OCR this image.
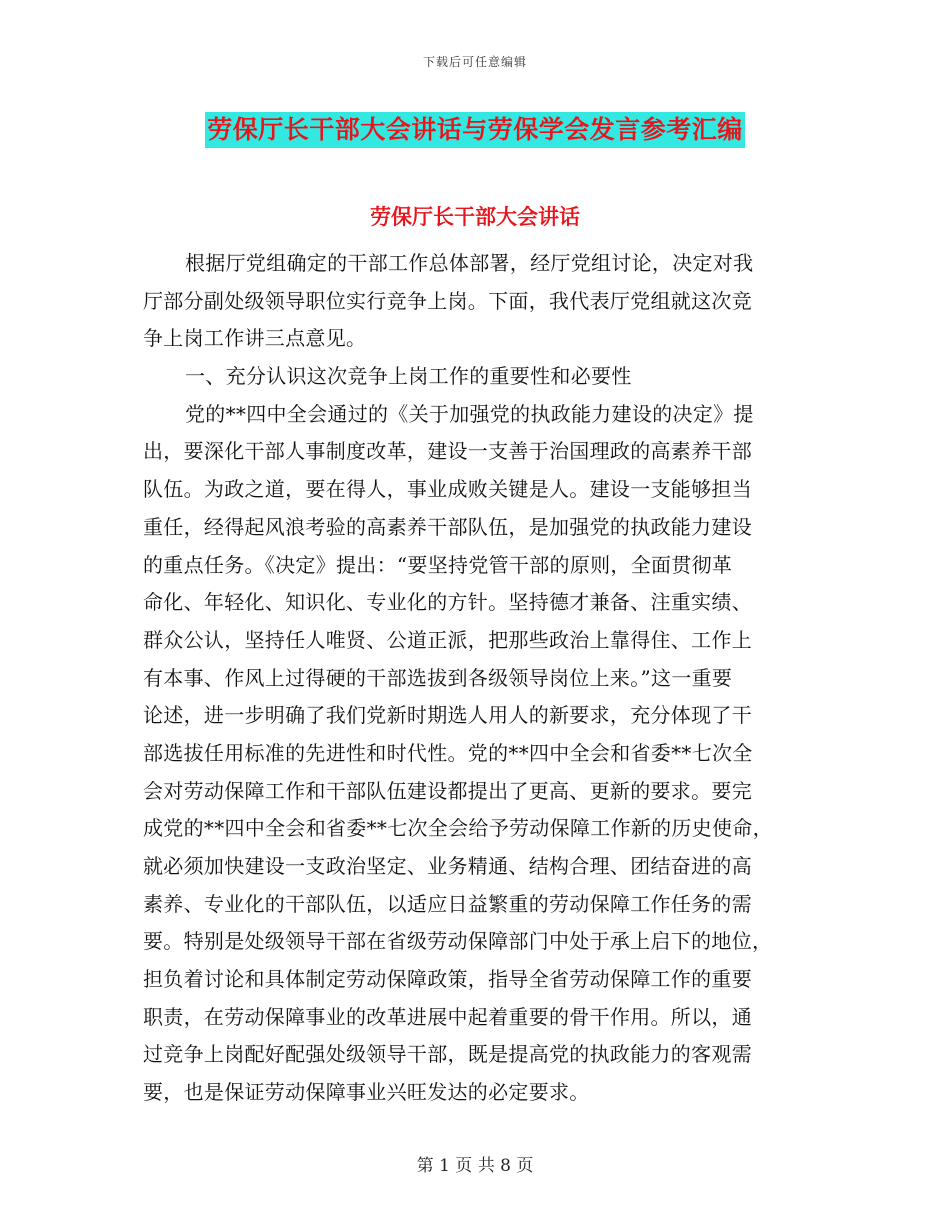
下载后可任意编辑
劳保厅长干部大会讲话与劳保学会发言参考汇编
劳保厅长干部大会讲话
根据厅党组确定的干部工作总体部署，经厅党组讨论，决定对我
厅部分副处级领导职位实行竞争上岗。下面，我代表厅党组就这次竞
争上岗工作讲三点意见。
一、充分认识这次竞争上岗工作的重要性和必要性
党的**四中全会通过的《关于加强党的执政能力建设的决定》提
出，要深化干部人事制度改革，建设一支善于治国理政的高素养干部
队伍。为政之道，要在得人，事业成败关键是人。建设一支能够担当
重任，经得起风浪考验的高素养干部队伍，是加强党的执政能力建设
的重点任务。《决定》提出：“要坚持党管干部的原则，全面贯彻革
命化、年轻化、知识化、专业化的方针。坚持德才兼备、注重实绩、
群众公认，坚持任人唯贤、公道正派，把那些政治上靠得住、工作上
有本事、作风上过得硬的干部选拔到各级领导岗位上来。”这一重要
论述，进一步明确了我们党新时期选人用人的新要求，充分体现了干
部选拔任用标准的先进性和时代性。党的**四中全会和省委**七次全
会对劳动保障工作和干部队伍建设都提出了更高、更新的要求。要完
成党的**四中全会和省委**七次全会给予劳动保障工作新的历史使命，
就必须加快建设一支政治坚定、业务精通、结构合理、团结奋进的高
素养、专业化的干部队伍，以适应日益繁重的劳动保障工作任务的需
要。特别是处级领导干部在省级劳动保障部门中处于承上启下的地位，
担负着讨论和具体制定劳动保障政策，指导全省劳动保障工作的重要
职责，在劳动保障事业的改革进展中起着重要的骨干作用。所以，通
过竞争上岗配好配强处级领导干部，既是提高党的执政能力的客观需
要，也是保证劳动保障事业兴旺发达的必定要求。
第 1 页 共 8 页
